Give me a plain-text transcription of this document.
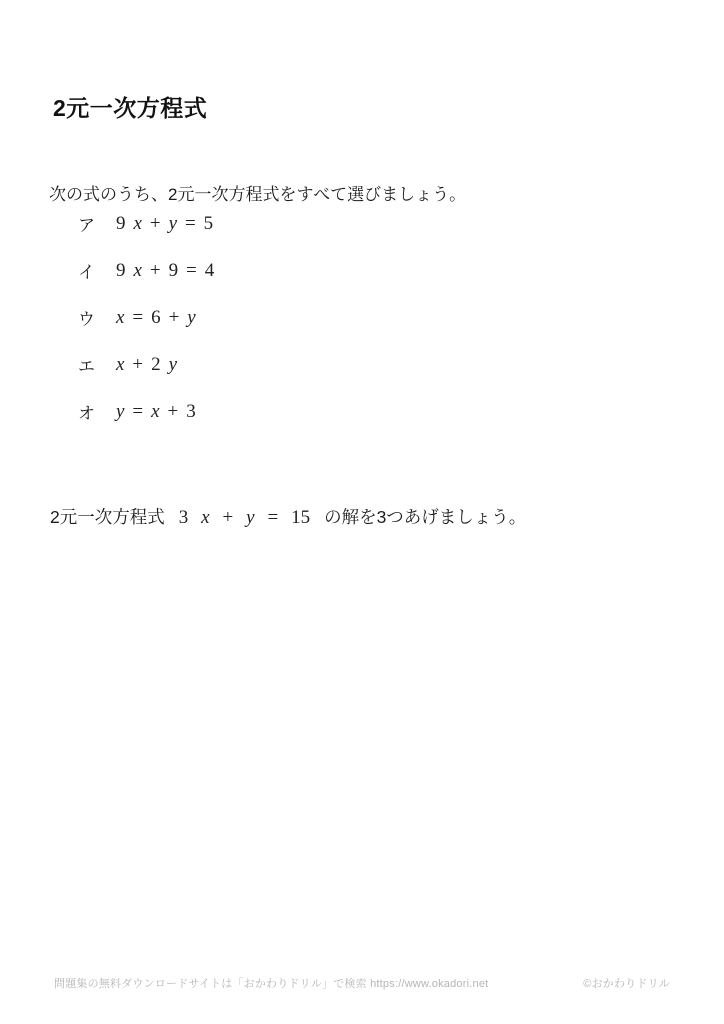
2元一次方程式

次の式のうち、2元一次方程式をすべて選びましょう。

ア	9 x + y = 5
イ	9 x + 9 = 4
ウ	x = 6 + y
エ	x + 2 y
オ	y = x + 3

2元一次方程式 3 x + y = 15 の解を3つあげましょう。

問題集の無料ダウンロードサイトは「おかわりドリル」で検索 https://www.okadori.net	©おかわりドリル
